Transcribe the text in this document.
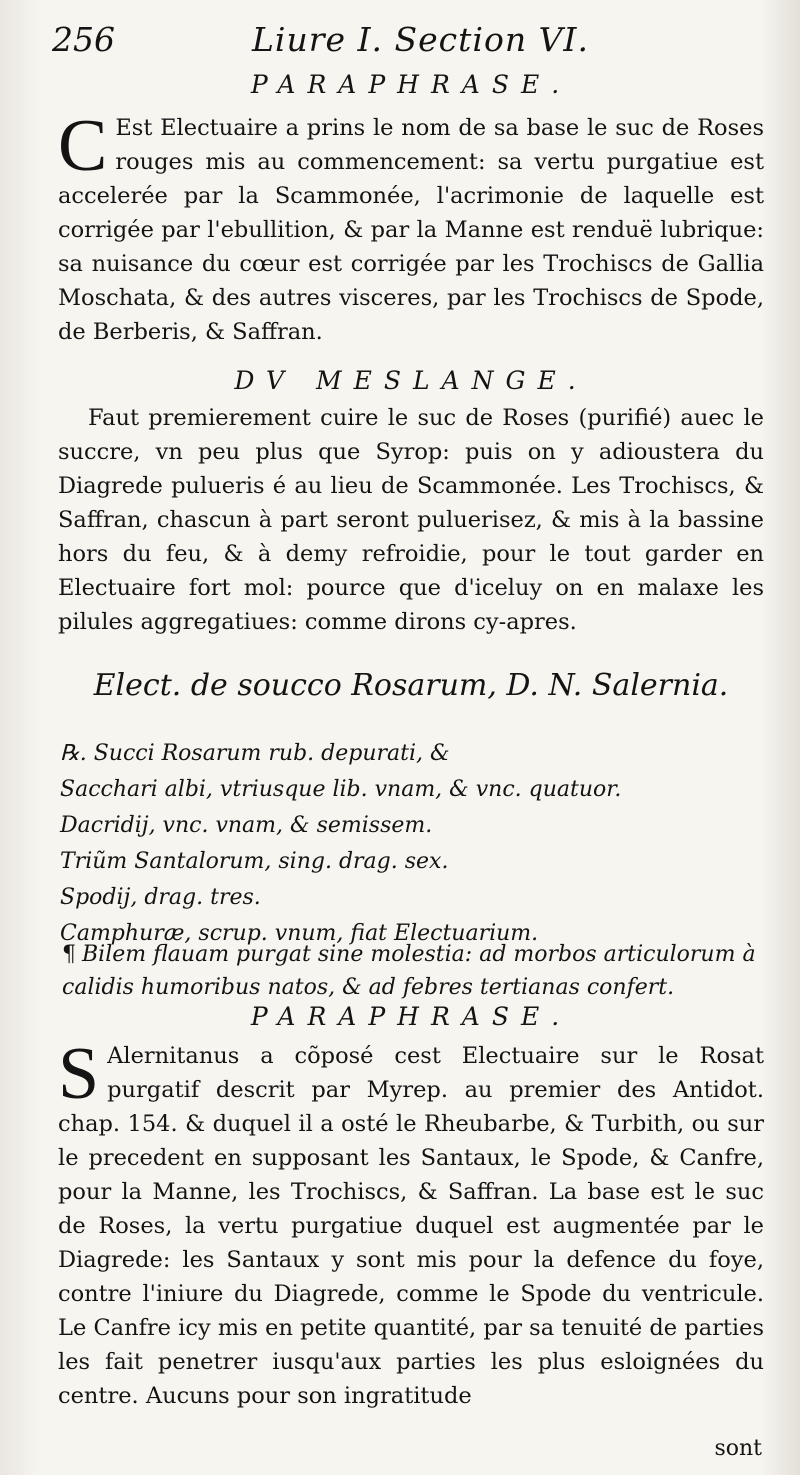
256	Liure I. Section VI.

PARAPHRASE.

C Est Electuaire a prins le nom de sa base le suc de Roses rouges mis au commencement: sa vertu purgatiue est accelerée par la Scammonée, l'acrimonie de laquelle est corrigée par l'ebullition, & par la Manne est renduë lubrique: sa nuisance du cœur est corrigée par les Trochiscs de Gallia Moschata, & des autres visceres, par les Trochiscs de Spode, de Berberis, & Saffran.

DV MESLANGE.

Faut premierement cuire le suc de Roses (purifié) auec le succre, vn peu plus que Syrop: puis on y adioustera du Diagrede pulueris é au lieu de Scammonée. Les Trochiscs, & Saffran, chascun à part seront puluerisez, & mis à la bassine hors du feu, & à demy refroidie, pour le tout garder en Electuaire fort mol: pource que d'iceluy on en malaxe les pilules aggregatiues: comme dirons cy-apres.

Elect. de soucco Rosarum, D. N. Salernia.

℞. Succi Rosarum rub. depurati, &
Sacchari albi, vtriusque lib. vnam, & vnc. quatuor.
Dacridij, vnc. vnam, & semissem.
Triũm Santalorum, sing. drag. sex.
Spodij, drag. tres.
Camphuræ, scrup. vnum, fiat Electuarium.
¶ Bilem flauam purgat sine molestia: ad morbos articulorum à calidis humoribus natos, & ad febres tertianas confert.

PARAPHRASE.

S Alernitanus a cõposé cest Electuaire sur le Rosat purgatif descrit par Myrep. au premier des Antidot. chap. 154. & duquel il a osté le Rheubarbe, & Turbith, ou sur le precedent en supposant les Santaux, le Spode, & Canfre, pour la Manne, les Trochiscs, & Saffran. La base est le suc de Roses, la vertu purgatiue duquel est augmentée par le Diagrede: les Santaux y sont mis pour la defence du foye, contre l'iniure du Diagrede, comme le Spode du ventricule. Le Canfre icy mis en petite quantité, par sa tenuité de parties les fait penetrer iusqu'aux parties les plus esloignées du centre. Aucuns pour son ingratitude

sont
